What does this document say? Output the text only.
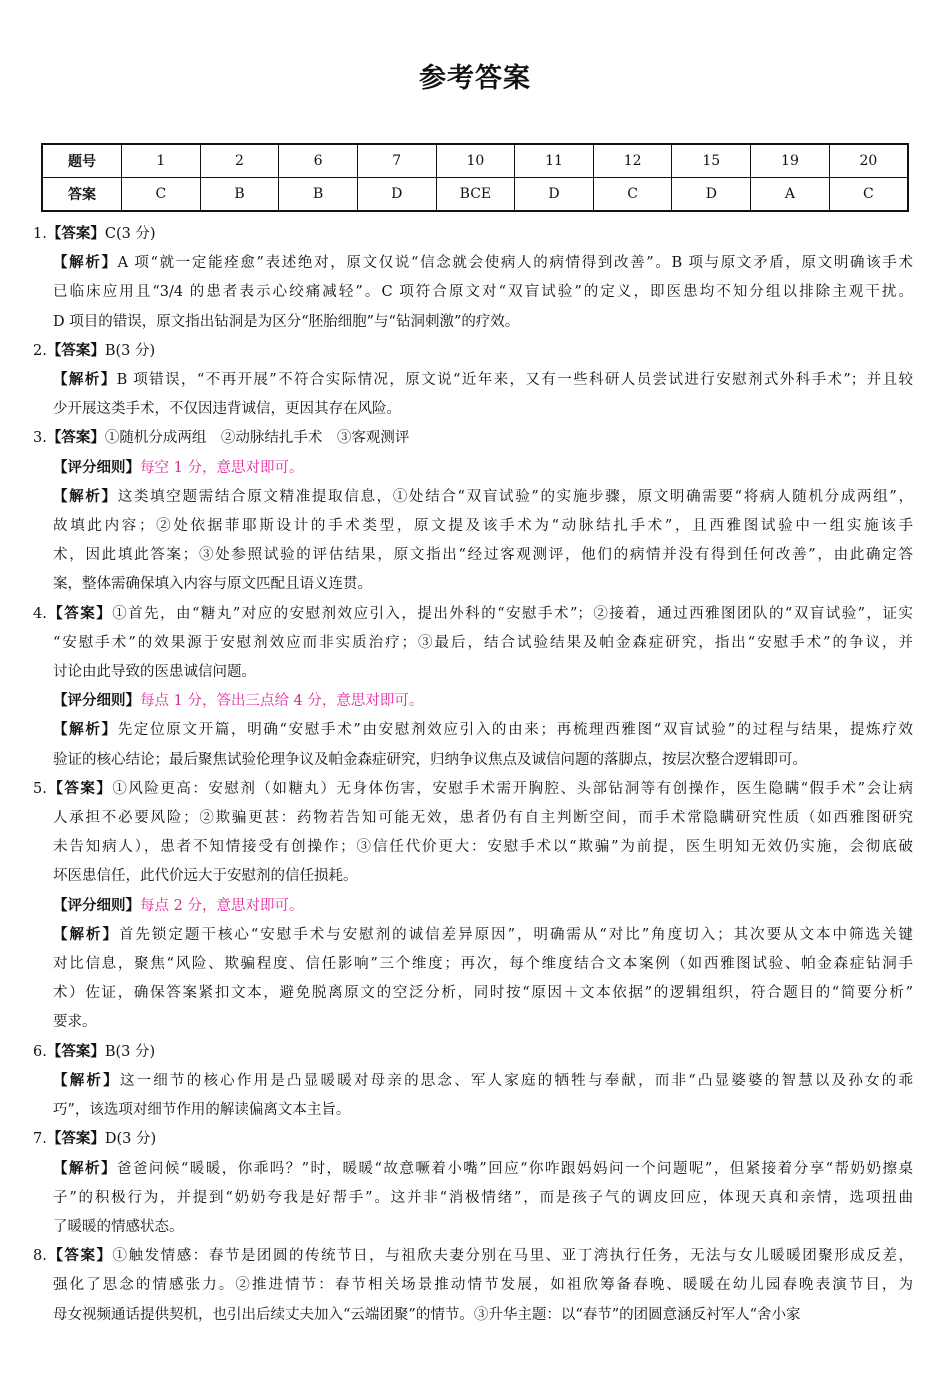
参考答案
题号	1	2	6	7	10	11	12	15	19	20
答案	C	B	B	D	BCE	D	C	D	A	C
1.【答案】C(3 分)
【解析】A 项“就一定能痊愈”表述绝对，原文仅说“信念就会使病人的病情得到改善”。B 项与原文矛盾，原文明确该手术
已临床应用且“3/4 的患者表示心绞痛减轻”。C 项符合原文对“双盲试验”的定义，即医患均不知分组以排除主观干扰。
D 项目的错误，原文指出钻洞是为区分“胚胎细胞”与“钻洞刺激”的疗效。
2.【答案】B(3 分)
【解析】B 项错误，“不再开展”不符合实际情况，原文说“近年来，又有一些科研人员尝试进行安慰剂式外科手术”；并且较
少开展这类手术，不仅因违背诚信，更因其存在风险。
3.【答案】①随机分成两组　②动脉结扎手术　③客观测评
【评分细则】每空 1 分，意思对即可。
【解析】这类填空题需结合原文精准提取信息，①处结合“双盲试验”的实施步骤，原文明确需要“将病人随机分成两组”，
故填此内容；②处依据菲耶斯设计的手术类型，原文提及该手术为“动脉结扎手术”，且西雅图试验中一组实施该手
术，因此填此答案；③处参照试验的评估结果，原文指出“经过客观测评，他们的病情并没有得到任何改善”，由此确定答
案，整体需确保填入内容与原文匹配且语义连贯。
4.【答案】①首先，由“糖丸”对应的安慰剂效应引入，提出外科的“安慰手术”；②接着，通过西雅图团队的“双盲试验”，证实
“安慰手术”的效果源于安慰剂效应而非实质治疗；③最后，结合试验结果及帕金森症研究，指出“安慰手术”的争议，并
讨论由此导致的医患诚信问题。
【评分细则】每点 1 分，答出三点给 4 分，意思对即可。
【解析】先定位原文开篇，明确“安慰手术”由安慰剂效应引入的由来；再梳理西雅图“双盲试验”的过程与结果，提炼疗效
验证的核心结论；最后聚焦试验伦理争议及帕金森症研究，归纳争议焦点及诚信问题的落脚点，按层次整合逻辑即可。
5.【答案】①风险更高：安慰剂（如糖丸）无身体伤害，安慰手术需开胸腔、头部钻洞等有创操作，医生隐瞒“假手术”会让病
人承担不必要风险；②欺骗更甚：药物若告知可能无效，患者仍有自主判断空间，而手术常隐瞒研究性质（如西雅图研究
未告知病人），患者不知情接受有创操作；③信任代价更大：安慰手术以“欺骗”为前提，医生明知无效仍实施，会彻底破
坏医患信任，此代价远大于安慰剂的信任损耗。
【评分细则】每点 2 分，意思对即可。
【解析】首先锁定题干核心“安慰手术与安慰剂的诚信差异原因”，明确需从“对比”角度切入；其次要从文本中筛选关键
对比信息，聚焦“风险、欺骗程度、信任影响”三个维度；再次，每个维度结合文本案例（如西雅图试验、帕金森症钻洞手
术）佐证，确保答案紧扣文本，避免脱离原文的空泛分析，同时按“原因＋文本依据”的逻辑组织，符合题目的“简要分析”
要求。
6.【答案】B(3 分)
【解析】这一细节的核心作用是凸显暖暖对母亲的思念、军人家庭的牺牲与奉献，而非“凸显婆婆的智慧以及孙女的乖
巧”，该选项对细节作用的解读偏离文本主旨。
7.【答案】D(3 分)
【解析】爸爸问候“暖暖，你乖吗？”时，暖暖“故意噘着小嘴”回应“你咋跟妈妈问一个问题呢”，但紧接着分享“帮奶奶擦桌
子”的积极行为，并提到“奶奶夸我是好帮手”。这并非“消极情绪”，而是孩子气的调皮回应，体现天真和亲情，选项扭曲
了暖暖的情感状态。
8.【答案】①触发情感：春节是团圆的传统节日，与祖欣夫妻分别在马里、亚丁湾执行任务，无法与女儿暖暖团聚形成反差，
强化了思念的情感张力。②推进情节：春节相关场景推动情节发展，如祖欣筹备春晚、暖暖在幼儿园春晚表演节目，为
母女视频通话提供契机，也引出后续丈夫加入“云端团聚”的情节。③升华主题：以“春节”的团圆意涵反衬军人“舍小家
